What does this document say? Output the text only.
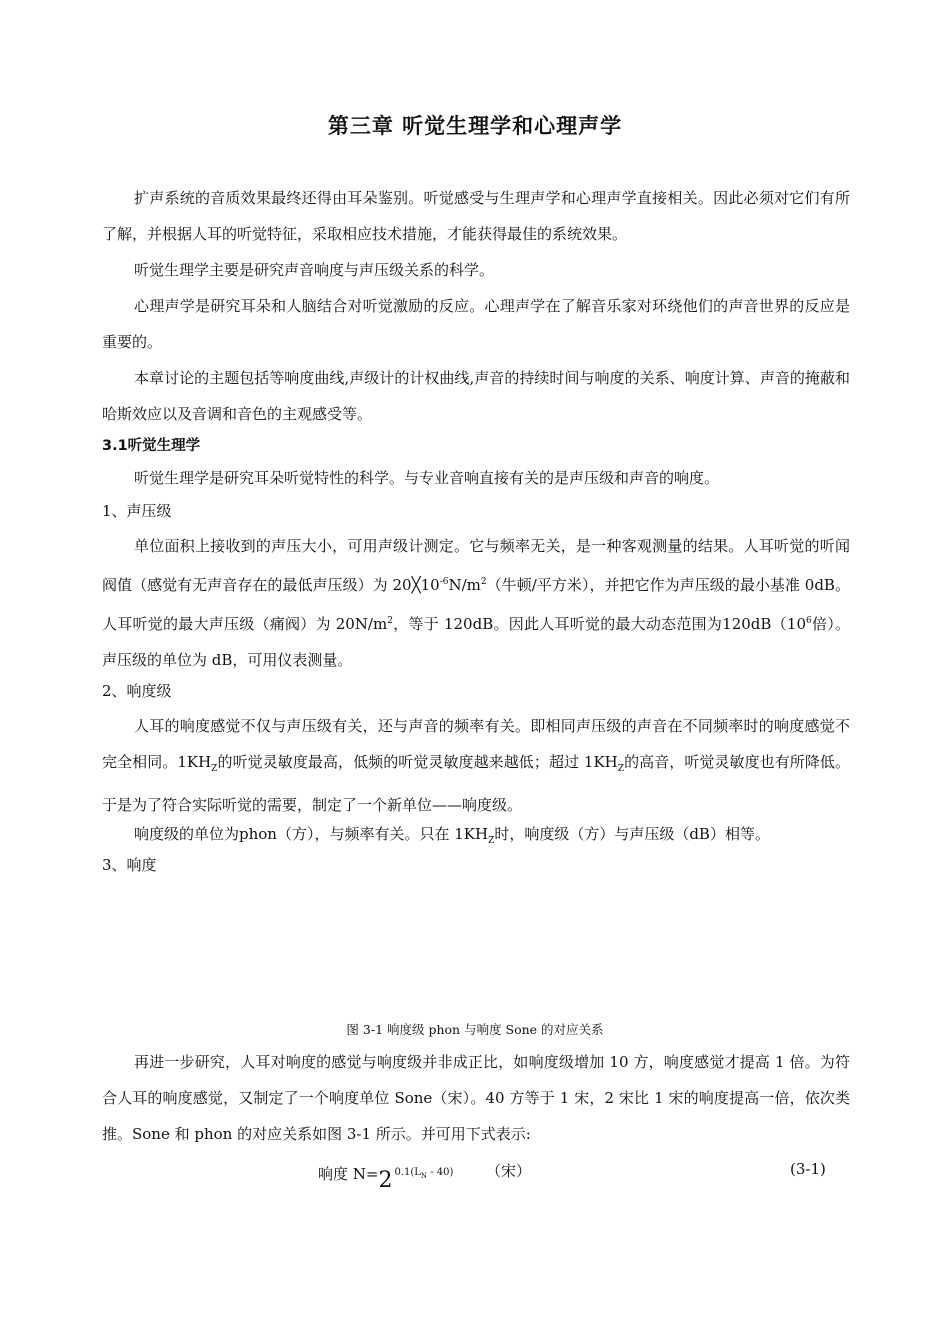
第三章 听觉生理学和心理声学
扩声系统的音质效果最终还得由耳朵鉴别。听觉感受与生理声学和心理声学直接相关。因此必须对它们有所了解，并根据人耳的听觉特征，采取相应技术措施，才能获得最佳的系统效果。
听觉生理学主要是研究声音响度与声压级关系的科学。
心理声学是研究耳朵和人脑结合对听觉激励的反应。心理声学在了解音乐家对环绕他们的声音世界的反应是重要的。
本章讨论的主题包括等响度曲线,声级计的计权曲线,声音的持续时间与响度的关系、响度计算、声音的掩蔽和哈斯效应以及音调和音色的主观感受等。
3.1听觉生理学
听觉生理学是研究耳朵听觉特性的科学。与专业音响直接有关的是声压级和声音的响度。
1、声压级
单位面积上接收到的声压大小，可用声级计测定。它与频率无关，是一种客观测量的结果。人耳听觉的听闻阀值（感觉有无声音存在的最低声压级）为 $20╳10^{-6}N/m^2$（牛顿/平方米），并把它作为声压级的最小基准 0dB。人耳听觉的最大声压级（痛阀）为 $20N/m^2$，等于 120dB。因此人耳听觉的最大动态范围为$120dB(10^6$倍）。声压级的单位为 dB，可用仪表测量。
2、响度级
人耳的响度感觉不仅与声压级有关，还与声音的频率有关。即相同声压级的声音在不同频率时的响度感觉不完全相同。$1KH_Z$的听觉灵敏度最高，低频的听觉灵敏度越来越低；超过 $1KH_Z$的高音，听觉灵敏度也有所降低。于是为了符合实际听觉的需要，制定了一个新单位——响度级。
响度级的单位为phon（方），与频率有关。只在 $1KH_Z$时，响度级（方）与声压级（dB）相等。
3、响度
图 3-1 响度级 phon 与响度 Sone 的对应关系
再进一步研究，人耳对响度的感觉与响度级并非成正比，如响度级增加 10 方，响度感觉才提高 1 倍。为符合人耳的响度感觉，又制定了一个响度单位 Sone（宋）。40 方等于 1 宋，2 宋比 1 宋的响度提高一倍，依次类推。Sone 和 phon 的对应关系如图 3-1 所示。并可用下式表示:
响度 N=2 $^{0.1(L_N - 40)}$ （宋）	(3-1)
